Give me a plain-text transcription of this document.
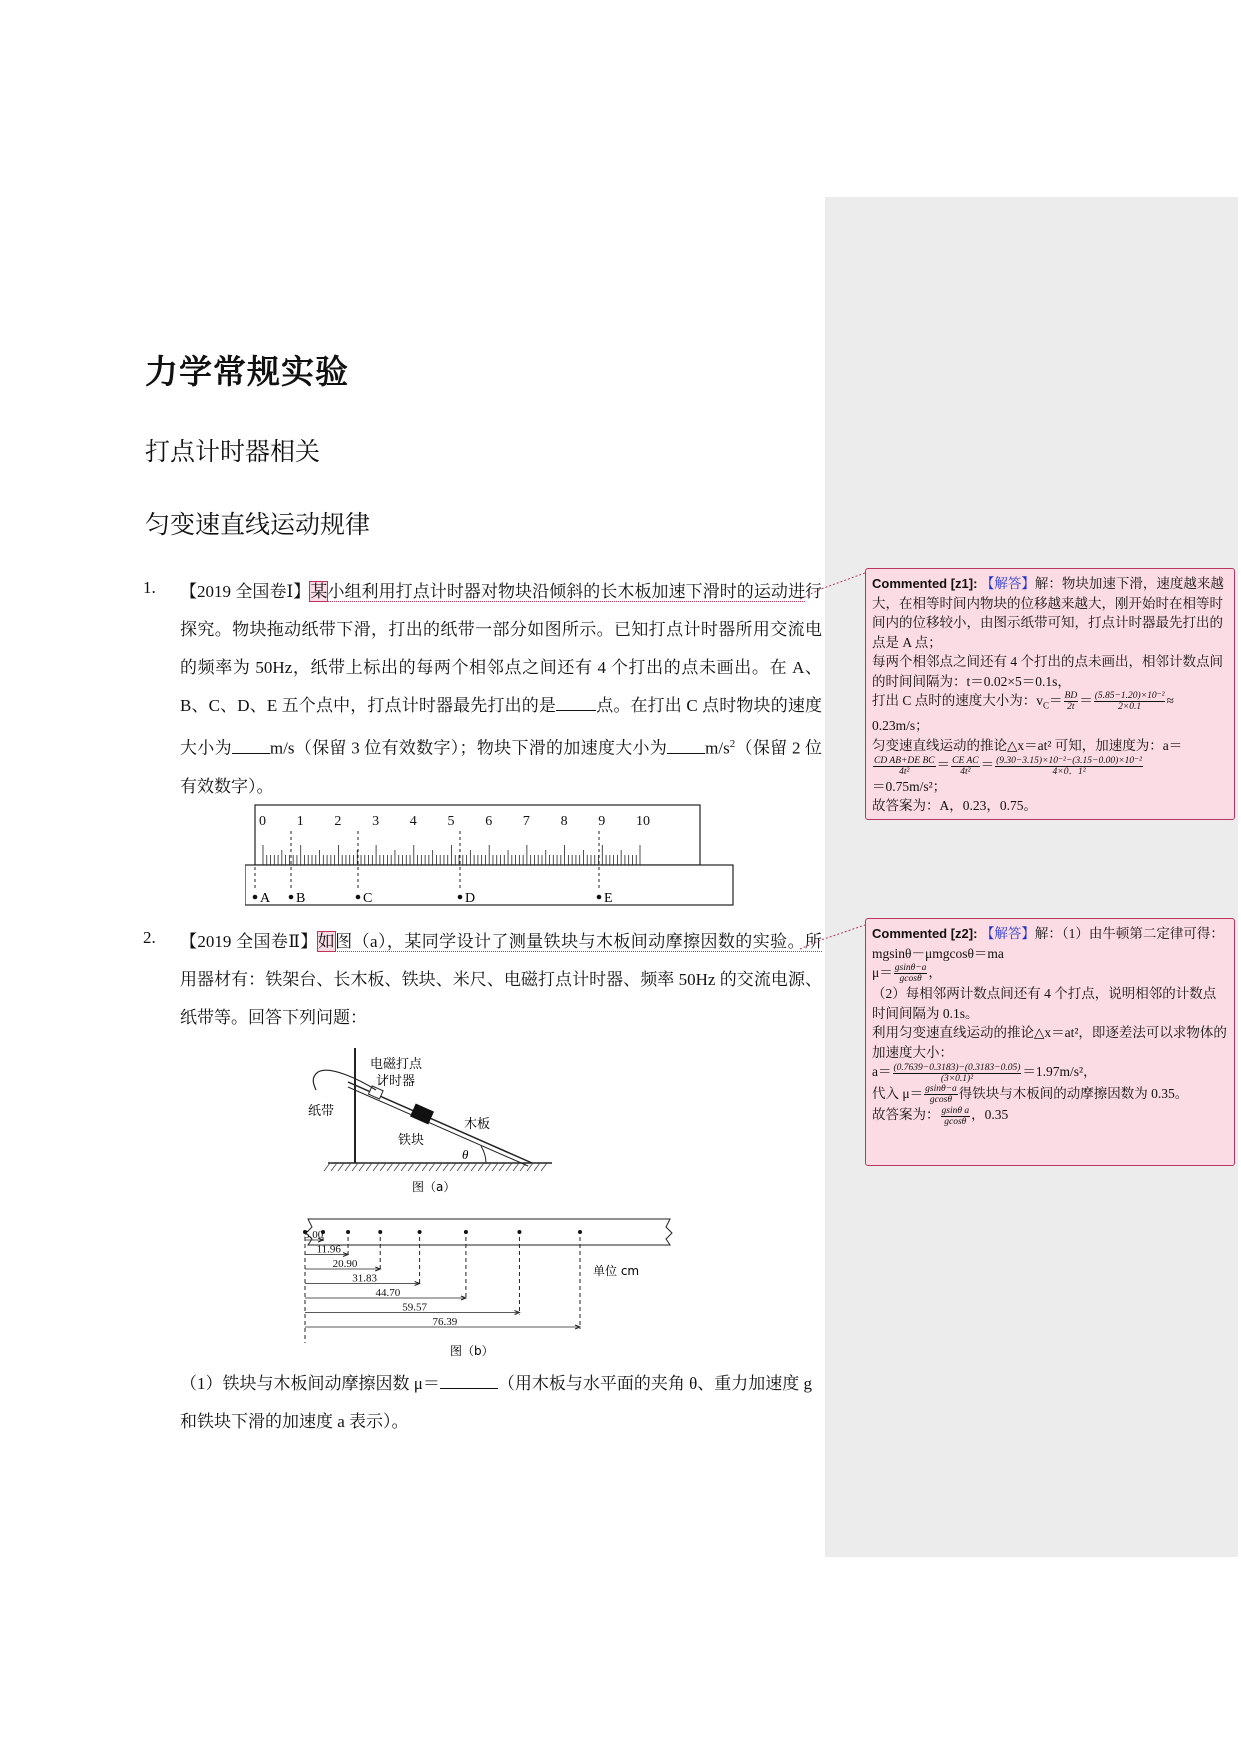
力学常规实验
打点计时器相关
匀变速直线运动规律
1. 【2019 全国卷Ⅰ】某小组利用打点计时器对物块沿倾斜的长木板加速下滑时的运动进行探究。物块拖动纸带下滑，打出的纸带一部分如图所示。已知打点计时器所用交流电的频率为 50Hz，纸带上标出的每两个相邻点之间还有 4 个打出的点未画出。在 A、B、C、D、E 五个点中，打点计时器最先打出的是 点。在打出 C 点时物块的速度大小为 m/s（保留 3 位有效数字）；物块下滑的加速度大小为 $m/s^2$（保留 2 位有效数字）。
0 1 2 3 4 5 6 7 8 9 10
A B	C	D	E
2. 【2019 全国卷Ⅱ】如图（a），某同学设计了测量铁块与木板间动摩擦因数的实验。所用器材有：铁架台、长木板、铁块、米尺、电磁打点计时器、频率 50Hz 的交流电源、纸带等。回答下列问题：
电磁打点
计时器
纸带
铁块
木板
θ
图（a）
5.00
11.96
20.90
31.83
44.70
59.57
76.39
单位 cm
图（b）
（1）铁块与木板间动摩擦因数 μ＝	（用木板与水平面的夹角 θ、重力加速度 g 和铁块下滑的加速度 a 表示）。
Commented [z1]: 【解答】解：物块加速下滑，速度越来越大，在相等时间内物块的位移越来越大，刚开始时在相等时间内的位移较小，由图示纸带可知，打点计时器最先打出的点是 A 点；
每两个相邻点之间还有 4 个打出的点未画出，相邻计数点间的时间间隔为：t＝0.02×5＝0.1s，
打出 C 点时的速度大小为：$v_C= \frac{BD}{2t} = \frac{\text{(5.85−1.20)×10⁻²}}{2\times 0.1}$ ≈
0.23m/s；
匀变速直线运动的推论△x＝at² 可知，加速度为：a＝

$\frac{\text{CD AB+DE BC}}{\text{4t²}} = \frac{\text{CE AC}}{\text{4t²}} = \frac{\text{(9.30−3.15)×10⁻²−(3.15−0.00)×10⁻²}}{\text{4×0．1²}}$

＝0.75m/s²；
故答案为：A，0.23，0.75。
Commented [z2]: 【解答】解：（1）由牛顿第二定律可得：
mgsinθ－μmgcosθ＝ma
$\mu= \frac{gsin\theta-a}{gcos\theta}$ ，
（2）每相邻两计数点间还有 4 个打点，说明相邻的计数点时间间隔为 0.1s。
利用匀变速直线运动的推论△x＝at²，即逐差法可以求物体的加速度大小：
$a= \frac{(0.7639-0.3183)-(0.3183-0.05)}{\text{(3×0.1)²}} =1.97m/s^2$，
代入 $\mu= \frac{gsin\theta-a}{gcos\theta}$ 得铁块与木板间的动摩擦因数为 0.35。
故答案为： $\frac{\text{gsinθ a}}{gcos\theta}$ ，0.35
